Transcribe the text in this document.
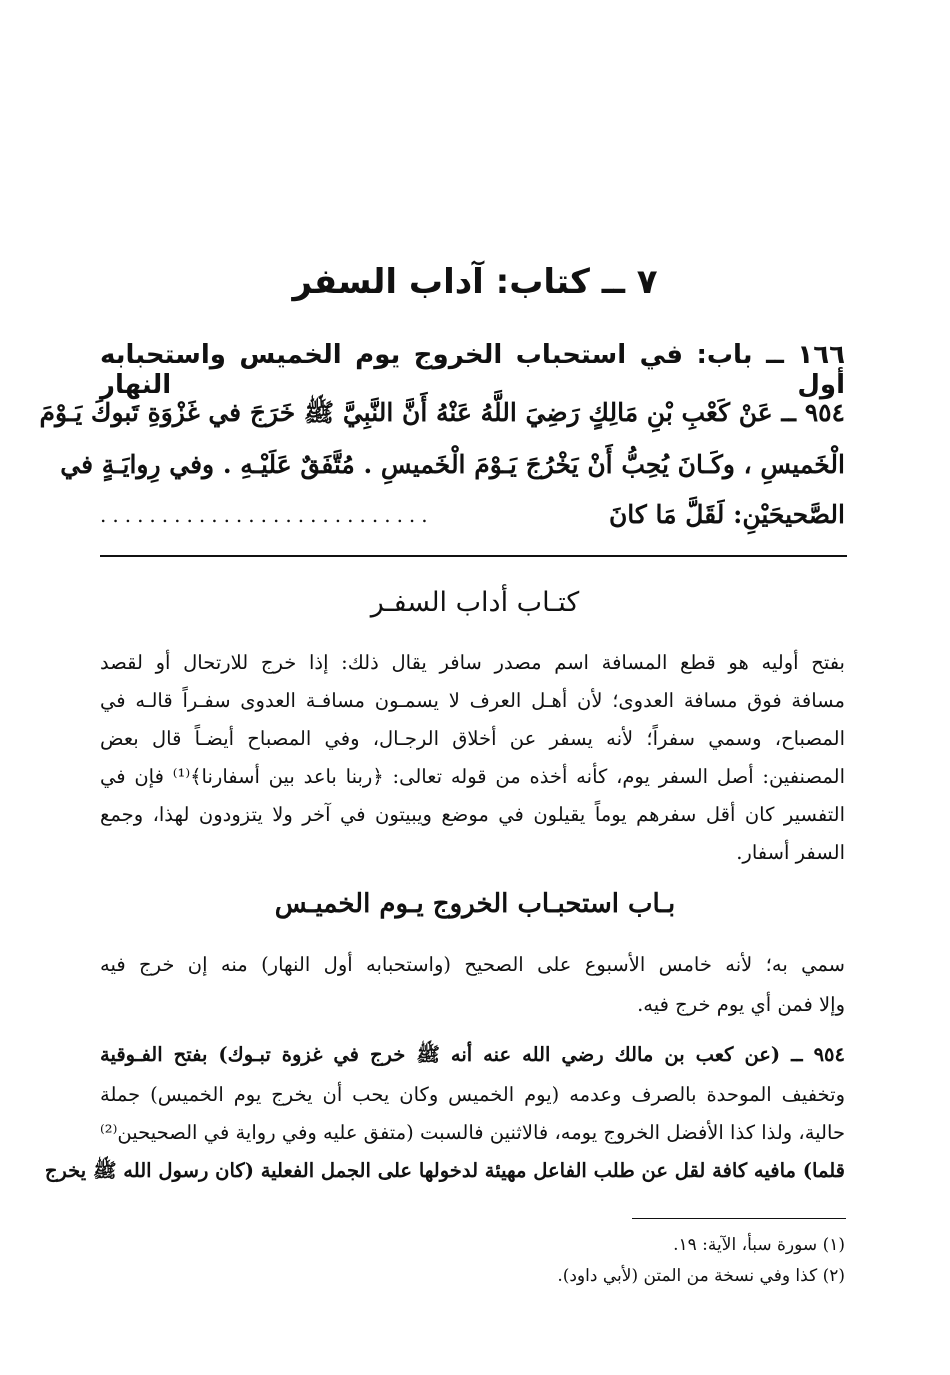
٧ ــ كتاب: آداب السفر
١٦٦ ــ باب: في استحباب الخروج يوم الخميس واستحبابه أول النهار
٩٥٤ ــ عَنْ كَعْبِ بْنِ مَالِكٍ رَضِيَ اللَّهُ عَنْهُ أَنَّ النَّبِيَّ ﷺ خَرَجَ في غَزْوَةِ تَبوكَ يَـوْمَ
الْخَميسِ ، وكَـانَ يُحِبُّ أَنْ يَخْرُجَ يَـوْمَ الْخَميسِ . مُتَّفَقٌ عَلَيْـهِ . وفي رِوايَـةٍ في
الصَّحيحَيْنِ: لَقَلَّ مَا كانَ
...........................
كتـاب أداب السفـر
بفتح أوليه هو قطع المسافة اسم مصدر سافر يقال ذلك: إذا خرج للارتحال أو لقصد
مسافة فوق مسافة العدوى؛ لأن أهـل العرف لا يسمـون مسافـة العدوى سفـراً قالـه في
المصباح، وسمي سفراً؛ لأنه يسفر عن أخلاق الرجـال، وفي المصباح أيضـاً قال بعض
المصنفين: أصل السفر يوم، كأنه أخذه من قوله تعالى: ﴿ربنا باعد بين أسفارنا﴾⁽¹⁾ فإن في
التفسير كان أقل سفرهم يوماً يقيلون في موضع ويبيتون في آخر ولا يتزودون لهذا، وجمع
السفر أسفار.
بـاب استحبـاب الخروج يـوم الخميـس
سمي به؛ لأنه خامس الأسبوع على الصحيح (واستحبابه أول النهار) منه إن خرج فيه
وإلا فمن أي يوم خرج فيه.
٩٥٤ ــ (عن كعب بن مالك رضي الله عنه أنه ﷺ خرج في غزوة تبـوك) بفتح الفـوقية
وتخفيف الموحدة بالصرف وعدمه (يوم الخميس وكان يحب أن يخرج يوم الخميس) جملة
حالية، ولذا كذا الأفضل الخروج يومه، فالاثنين فالسبت (متفق عليه وفي رواية في الصحيحين⁽²⁾
قلما) مافيه كافة لقل عن طلب الفاعل مهيئة لدخولها على الجمل الفعلية (كان رسول الله ﷺ يخرج
(١) سورة سبأ، الآية: ١٩.
(٢) كذا وفي نسخة من المتن (لأبي داود).
